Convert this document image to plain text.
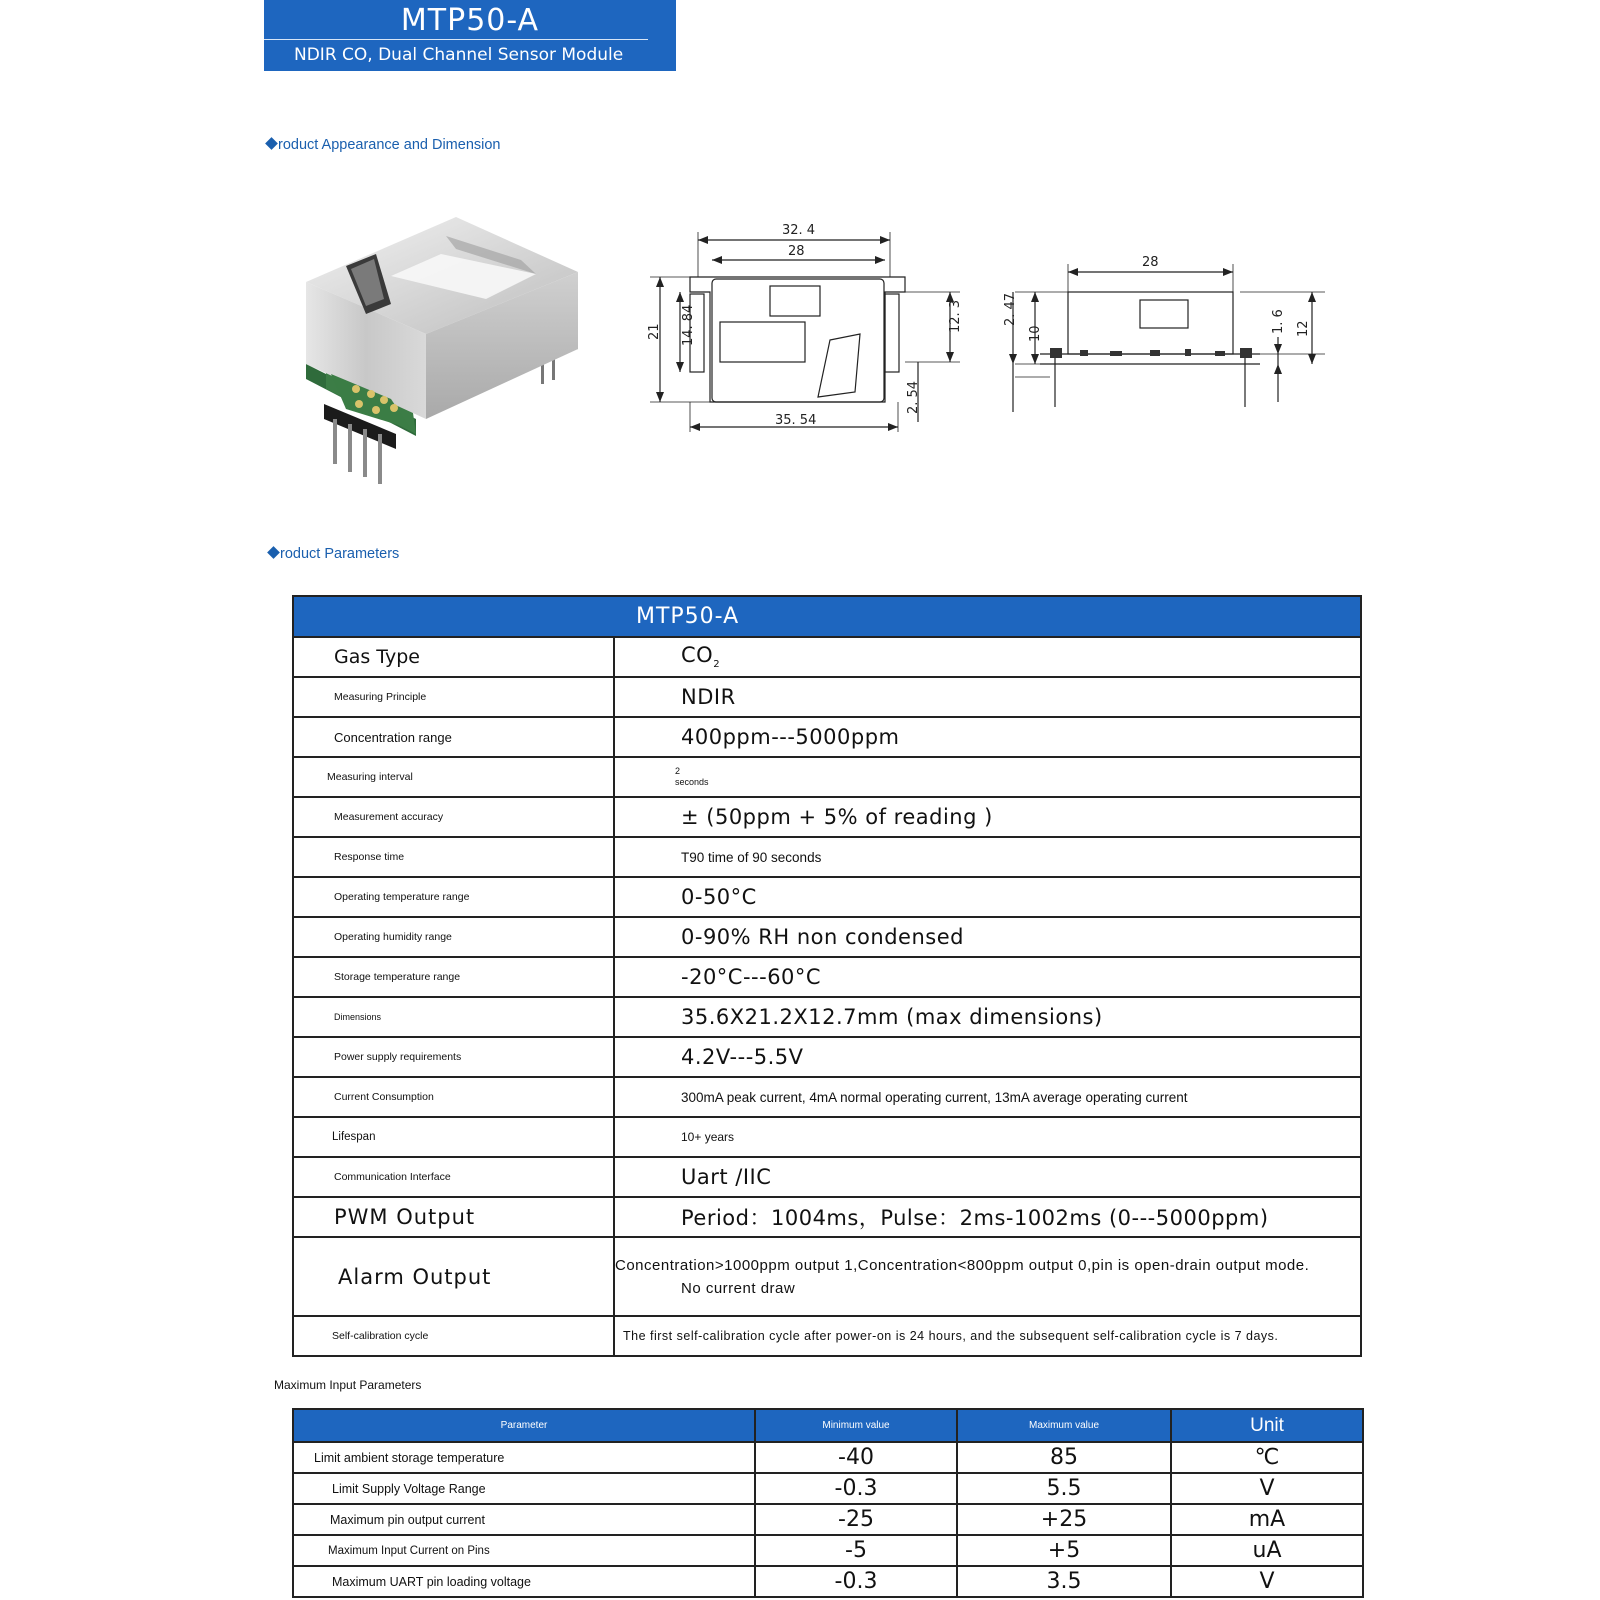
MTP50-A
NDIR CO, Dual Channel Sensor Module
roduct Appearance and Dimension
32. 4
28
35. 54
21 14. 84	12. 3
2. 54
28
2. 47
10	1. 6 12
roduct Parameters
MTP50-A	
Gas Type	$CO_2$
Measuring Principle	NDIR
Concentration range	400ppm---5000ppm
Measuring interval	2
seconds

Measurement accuracy	± (50ppm + 5% of reading )
Response time	T90 time of 90 seconds
Operating temperature range	0-50°C
Operating humidity range	0-90% RH non condensed
Storage temperature range	-20°C---60°C
Dimensions	35.6X21.2X12.7mm (max dimensions)
Power supply requirements	4.2V---5.5V
Current Consumption	300mA peak current, 4mA normal operating current, 13mA average operating current
Lifespan	10+ years
Communication Interface	Uart /IIC
PWM Output	Period：1004ms，Pulse：2ms-1002ms (0---5000ppm)
Alarm Output	Concentration>1000ppm output 1,Concentration<800ppm output 0,pin is open-drain output mode.
No current draw

Self-calibration cycle	The first self-calibration cycle after power-on is 24 hours, and the subsequent self-calibration cycle is 7 days.
Maximum Input Parameters
Parameter	Minimum value	Maximum value	Unit
Limit ambient storage temperature	-40	85	℃
Limit Supply Voltage Range	-0.3	5.5	V
Maximum pin output current	-25	+25	mA
Maximum Input Current on Pins	-5	+5	uA
Maximum UART pin loading voltage	-0.3	3.5	V
